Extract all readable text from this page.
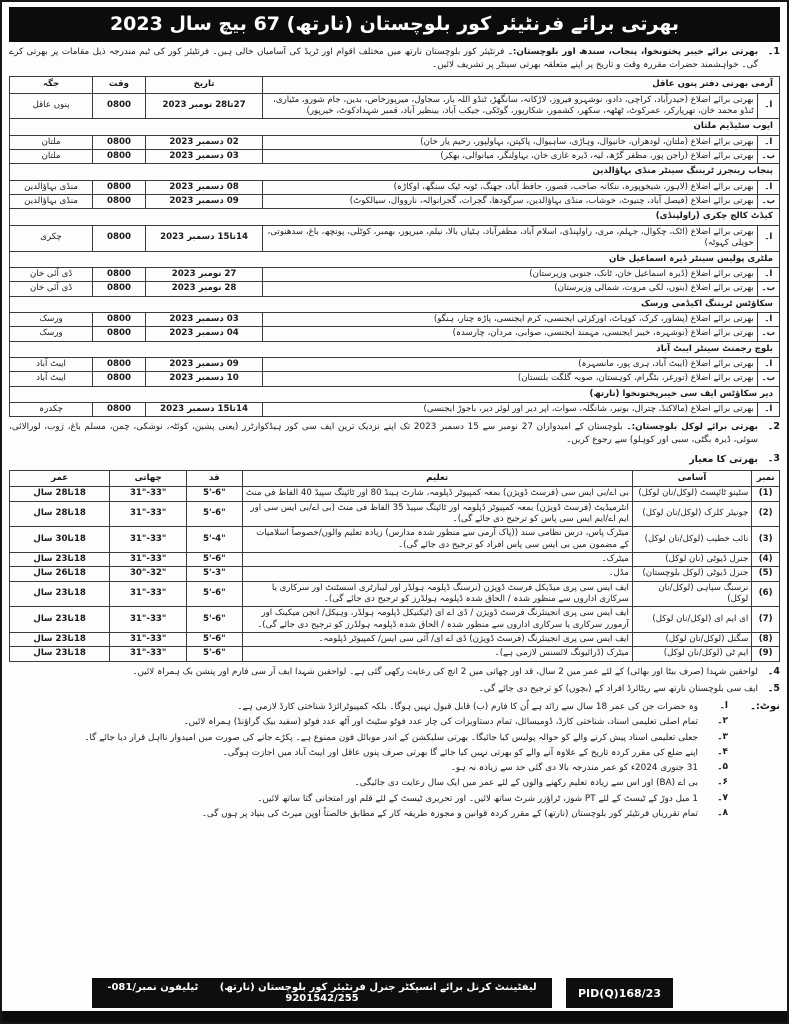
بھرتی برائے فرنٹیئر کور بلوچستان (نارتھ) 67 بیچ سال 2023
1۔
بھرتی برائے خیبر پختونخوا، پنجاب، سندھ اور بلوچستان:۔ فرنٹیئر کور بلوچستان نارتھ میں مختلف اقوام اور ٹریڈ کی آسامیاں خالی ہیں۔ فرنٹیئر کور کی ٹیم مندرجہ ذیل مقامات پر بھرتی کرے گی۔ خواہشمند حضرات مقررہ وقت و تاریخ پر اپنے متعلقہ بھرتی سینٹر پر تشریف لائیں۔
آرمی بھرتی دفتر پنوں عاقل		تاریخ	وقت	جگہ
ا۔	بھرتی برائے اضلاع (حیدرآباد، کراچی، دادو، نوشہرو فیروز، لاڑکانہ، سانگھڑ، ٹنڈو اللہ یار، سجاول، میرپورخاص، بدین، جام شورو، مٹیاری، ٹنڈو محمد خان، تھرپارکر، عمرکوٹ، ٹھٹھہ، سکھر، کشمور، شکارپور، گوٹکی، جیکب آباد، بینظیر آباد، قمبر شہدادکوٹ، خیرپور)	27تا28 نومبر 2023	0800	پنوں عاقل
ایوب سٹیڈیم ملتان				
ا۔	بھرتی برائے اضلاع (ملتان، لودھراں، خانیوال، وہاڑی، ساہیوال، پاکپتن، بہاولپور، رحیم یار خان)	02 دسمبر 2023	0800	ملتان
ب۔	بھرتی برائے اضلاع (راجن پور، مظفر گڑھ، لیہ، ڈیرہ غازی خان، بہاولنگر، میانوالی، بھکر)	03 دسمبر 2023	0800	ملتان
پنجاب رینجرز ٹریننگ سینٹر منڈی بہاؤالدین				
ا۔	بھرتی برائے اضلاع (لاہور، شیخوپورہ، ننکانہ صاحب، قصور، حافظ آباد، جھنگ، ٹوبہ ٹیک سنگھ، اوکاڑہ)	08 دسمبر 2023	0800	منڈی بہاؤالدین
ب۔	بھرتی برائے اضلاع (فیصل آباد، چنیوٹ، خوشاب، منڈی بہاؤالدین، سرگودھا، گجرات، گجرانوالہ، نارووال، سیالکوٹ)	09 دسمبر 2023	0800	منڈی بہاؤالدین
کیڈٹ کالج چکری (راولپنڈی)				
ا۔	بھرتی برائے اضلاع (اٹک، چکوال، جہلم، مری، راولپنڈی، اسلام آباد، مظفرآباد، ہٹیاں بالا، نیلم، میرپور، بھمبر، کوٹلی، پونچھ، باغ، سدھنوتی، حویلی کہوٹہ)	14تا15 دسمبر 2023	0800	چکری
ملٹری پولیس سینٹر ڈیرہ اسماعیل خان				
ا۔	بھرتی برائے اضلاع (ڈیرہ اسماعیل خان، ٹانک، جنوبی وزیرستان)	27 نومبر 2023	0800	ڈی آئی خان
ب۔	بھرتی برائے اضلاع (بنوں، لکی مروت، شمالی وزیرستان)	28 نومبر 2023	0800	ڈی آئی خان
سکاؤٹس ٹریننگ اکیڈمی ورسک				
ا۔	بھرتی برائے اضلاع (پشاور، کرک، کوہاٹ، اورکزئی ایجنسی، کرم ایجنسی، پاڑہ چنار، ہنگو)	03 دسمبر 2023	0800	ورسک
ب۔	بھرتی برائے اضلاع (نوشہرہ، خیبر ایجنسی، مہمند ایجنسی، صوابی، مردان، چارسدہ)	04 دسمبر 2023	0800	ورسک
بلوچ رجمنٹ سینٹر ایبٹ آباد				
ا۔	بھرتی برائے اضلاع (ایبٹ آباد، ہری پور، مانسہرہ)	09 دسمبر 2023	0800	ایبٹ آباد
ب۔	بھرتی برائے اضلاع (تورغر، بٹگرام، کوہستان، صوبہ گلگت بلتستان)	10 دسمبر 2023	0800	ایبٹ آباد
دیر سکاؤٹس ایف سی خیبرپختونخوا (نارتھ)				
ا۔	بھرتی برائے اضلاع (مالاکنڈ، چترال، بونیر، شانگلہ، سوات، اپر دیر اور لوئر دیر، باجوڑ ایجنسی)	14تا15 دسمبر 2023	0800	چکدرہ
2۔
بھرتی برائے لوکل بلوچستان:۔ بلوچستان کے امیدواران 27 نومبر سے 15 دسمبر 2023 تک اپنے نزدیک ترین ایف سی کور ہیڈکوارٹرز (یعنی پشین، کوئٹہ، نوشکی، چمن، مسلم باغ، ژوب، لورالائی، سوئی، ڈیرہ بگٹی، سبی اور کوہلو) سے رجوع کریں۔
3۔
بھرتی کا معیار
نمبر	آسامی	تعلیم	قد	چھاتی	عمر
(1)	سٹینو ٹائپسٹ (لوکل/نان لوکل)	بی اے/بی ایس سی (فرسٹ ڈویژن) بمعہ کمپیوٹر ڈپلومہ، شارٹ ہینڈ 80 اور ٹائپنگ سپیڈ 40 الفاظ فی منٹ	5'-6"	31"-33"	18تا28 سال
(2)	جونیئر کلرک (لوکل/نان لوکل)	انٹرمیڈیٹ (فرسٹ ڈویژن) بمعہ کمپیوٹر ڈپلومہ اور ٹائپنگ سپیڈ 35 الفاظ فی منٹ (بی اے/بی ایس سی اور ایم اے/ایم ایس سی پاس کو ترجیح دی جائے گی)۔	5'-6"	31"-33"	18تا28 سال
(3)	نائب خطیب (لوکل/نان لوکل)	میٹرک پاس، درس نظامی سند ((پاک آرمی سے منظور شدہ مدارس) زیادہ تعلیم والوں/خصوصاً اسلامیات کے مضمون میں بی ایس سی پاس افراد کو ترجیح دی جائے گی)۔	5'-4"	31"-33"	18تا30 سال
(4)	جنرل ڈیوٹی (نان لوکل)	میٹرک۔	5'-6"	31"-33"	18تا23 سال
(5)	جنرل ڈیوٹی (لوکل بلوچستان)	مڈل۔	5'-3"	30"-32"	18تا26 سال
(6)	نرسنگ سپاہی (لوکل/نان لوکل)	ایف ایس سی پری میڈیکل فرسٹ ڈویژن (نرسنگ ڈپلومہ ہولڈر اور لیبارٹری اسسٹنٹ اور سرکاری یا سرکاری اداروں سے منظور شدہ / الحاق شدہ ڈپلومہ ہولڈرز کو ترجیح دی جائے گی)۔	5'-6"	31"-33"	18تا23 سال
(7)	ای ایم ای (لوکل/نان لوکل)	ایف ایس سی پری انجینئرنگ فرسٹ ڈویژن / ڈی اے ای (ٹیکنیکل ڈپلومہ ہولڈر، وہیکل/ انجن میکینک اور آرمورر سرکاری یا سرکاری اداروں سے منظور شدہ / الحاق شدہ ڈپلومہ ہولڈرز کو ترجیح دی جائے گی)۔	5'-6"	31"-33"	18تا23 سال
(8)	سگنل (لوکل/نان لوکل)	ایف ایس سی پری انجینئرنگ (فرسٹ ڈویژن) ڈی اے ای/ آئی سی ایس/ کمپیوٹر ڈپلومہ۔	5'-6"	31"-33"	18تا23 سال
(9)	ایم ٹی (لوکل/نان لوکل)	میٹرک (ڈرائیونگ لائسنس لازمی ہے)۔	5'-6"	31"-33"	18تا23 سال
4۔
لواحقین شہدا (صرف بیٹا اور بھائی) کے لئے عمر میں 2 سال، قد اور چھاتی میں 2 انچ کی رعایت رکھی گئی ہے۔ لواحقین شہدا ایف آر سی فارم اور پنشن بک ہمراہ لائیں۔
5۔
ایف سی بلوچستان نارتھ سے ریٹائرڈ افراد کے (بچوں) کو ترجیح دی جائے گی۔
نوٹ:۔
ا۔
وہ حضرات جن کی عمر 18 سال سے زائد ہے اُن کا فارم (ب) قابل قبول نہیں ہوگا۔ بلکہ کمپیوٹرائزڈ شناختی کارڈ لازمی ہے۔
۲۔
تمام اصلی تعلیمی اسناد، شناختی کارڈ، ڈومیسائل، تمام دستاویزات کی چار عدد فوٹو سٹیٹ اور آٹھ عدد فوٹو (سفید بیک گراؤنڈ) ہمراہ لائیں۔
۳۔
جعلی تعلیمی اسناد پیش کرنے والے کو حوالہ پولیس کیا جائیگا۔ بھرتی سلیکشن کے اندر موبائل فون ممنوع ہے۔ پکڑے جانے کی صورت میں امیدوار نااہل قرار دیا جائے گا۔
۴۔
اپنے ضلع کی مقرر کردہ تاریخ کے علاوہ آنے والے کو بھرتی نہیں کیا جائے گا بھرتی صرف پنوں عاقل اور ایبٹ آباد میں اجازت ہوگی۔
۵۔
31 جنوری 2024ء کو عمر مندرجہ بالا دی گئی حد سے زیادہ نہ ہو۔
۶۔
بی اے (BA) اور اس سے زیادہ تعلیم رکھنے والوں کے لئے عمر میں ایک سال رعایت دی جائیگی۔
۷۔
1 میل دوڑ کے ٹیسٹ کے لئے PT شوز، ٹراؤزر شرٹ ساتھ لائیں۔ اور تحریری ٹیسٹ کے لئے قلم اور امتحانی گتا ساتھ لائیں۔
۸۔
تمام تقرریاں فرنٹیئر کور بلوچستان (نارتھ) کے مقرر کردہ قوانین و مجوزہ طریقہ کار کے مطابق خالصتاً اوپن میرٹ کی بنیاد پر ہوں گی۔
لیفٹیننٹ کرنل برائے انسپکٹر جنرل فرنٹیئر کور بلوچستان (نارتھ) ٹیلیفون نمبر/081-9201542/255	PID(Q)168/23
